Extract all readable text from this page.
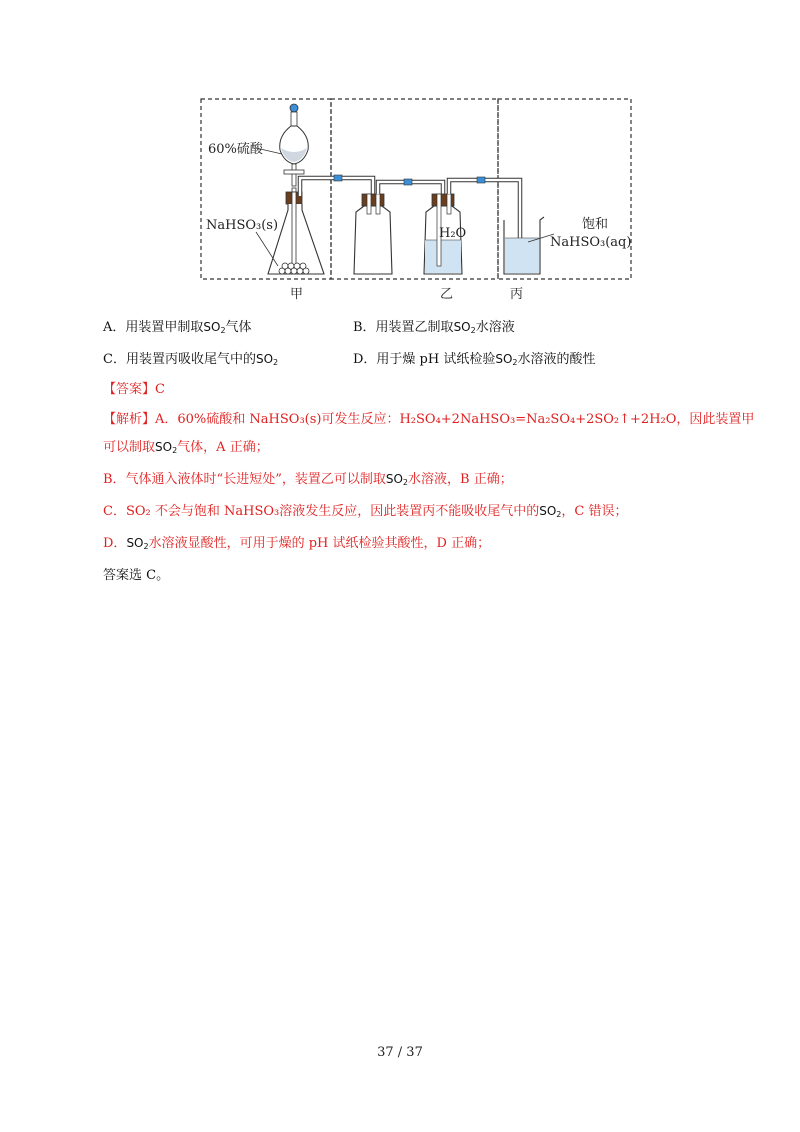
60%硫酸
NaHSO₃(s)
H₂O
饱和
NaHSO₃(aq)
甲	乙	丙
A．用装置甲制取$SO_2$气体	B．用装置乙制取$SO_2$水溶液
C．用装置丙吸收尾气中的$SO_2$	D．用于燥 pH 试纸检验$SO_2$水溶液的酸性
【答案】C
【解析】A．60%硫酸和 NaHSO₃(s)可发生反应：H₂SO₄+2NaHSO₃=Na₂SO₄+2SO₂↑+2H₂O，因此装置甲
可以制取$SO_2$气体，A 正确；
B．气体通入液体时“长进短处”，装置乙可以制取$SO_2$水溶液，B 正确；
C．SO₂ 不会与饱和 NaHSO₃溶液发生反应，因此装置丙不能吸收尾气中的$SO_2$，C 错误；
D．$SO_2$水溶液显酸性，可用于燥的 pH 试纸检验其酸性，D 正确；
答案选 C。
37 / 37
